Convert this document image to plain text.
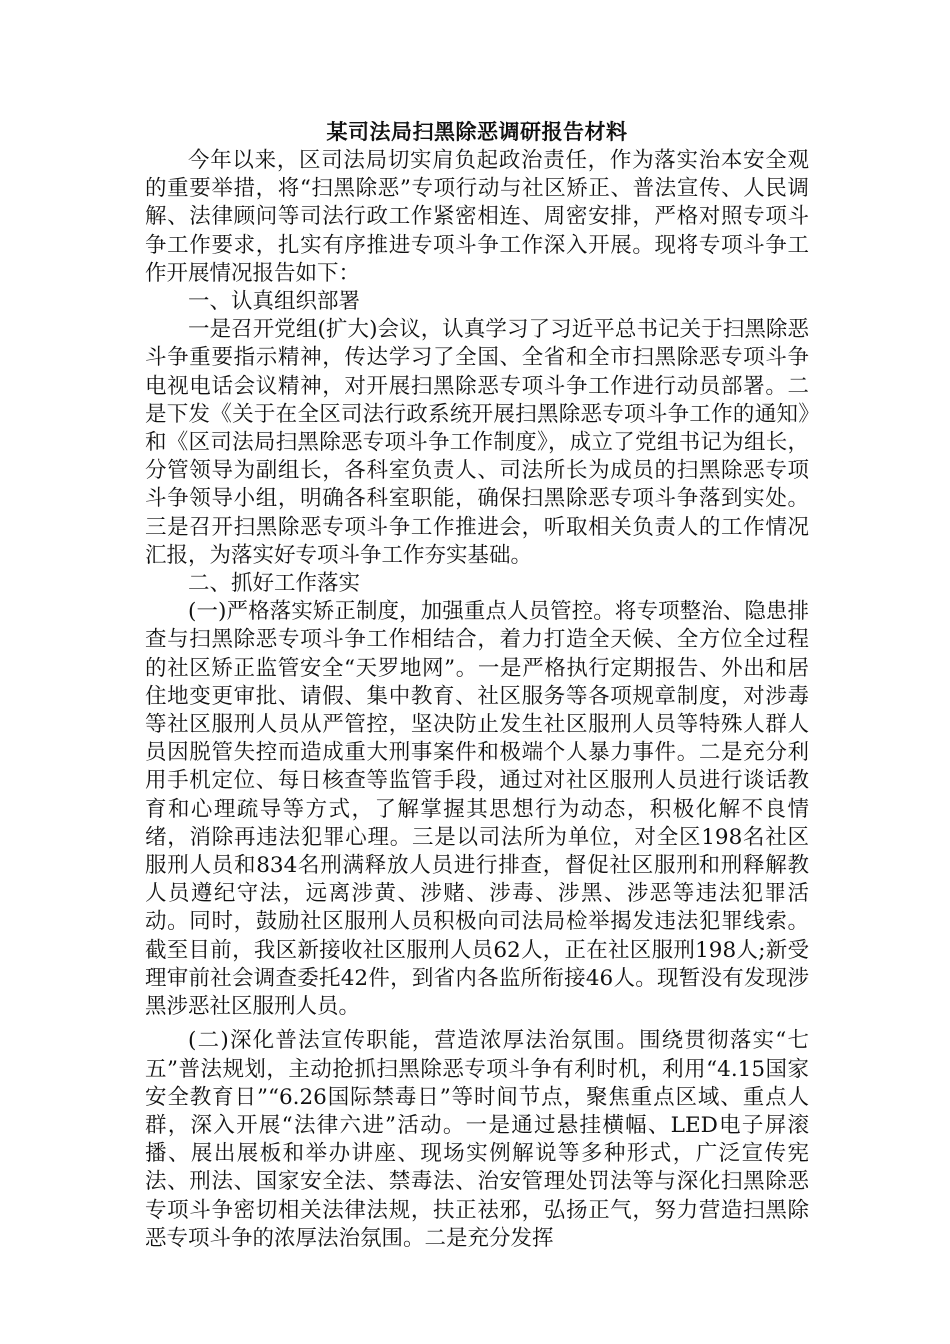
某司法局扫黑除恶调研报告材料

今年以来，区司法局切实肩负起政治责任，作为落实治本安全观的重要举措，将“扫黑除恶”专项行动与社区矫正、普法宣传、人民调解、法律顾问等司法行政工作紧密相连、周密安排，严格对照专项斗争工作要求，扎实有序推进专项斗争工作深入开展。现将专项斗争工作开展情况报告如下：

一、认真组织部署

一是召开党组(扩大)会议，认真学习了习近平总书记关于扫黑除恶斗争重要指示精神，传达学习了全国、全省和全市扫黑除恶专项斗争电视电话会议精神，对开展扫黑除恶专项斗争工作进行动员部署。二是下发《关于在全区司法行政系统开展扫黑除恶专项斗争工作的通知》和《区司法局扫黑除恶专项斗争工作制度》，成立了党组书记为组长，分管领导为副组长，各科室负责人、司法所长为成员的扫黑除恶专项斗争领导小组，明确各科室职能，确保扫黑除恶专项斗争落到实处。三是召开扫黑除恶专项斗争工作推进会，听取相关负责人的工作情况汇报，为落实好专项斗争工作夯实基础。

二、抓好工作落实

(一)严格落实矫正制度，加强重点人员管控。将专项整治、隐患排查与扫黑除恶专项斗争工作相结合，着力打造全天候、全方位全过程的社区矫正监管安全“天罗地网”。一是严格执行定期报告、外出和居住地变更审批、请假、集中教育、社区服务等各项规章制度，对涉毒等社区服刑人员从严管控，坚决防止发生社区服刑人员等特殊人群人员因脱管失控而造成重大刑事案件和极端个人暴力事件。二是充分利用手机定位、每日核查等监管手段，通过对社区服刑人员进行谈话教育和心理疏导等方式，了解掌握其思想行为动态，积极化解不良情绪，消除再违法犯罪心理。三是以司法所为单位，对全区198名社区服刑人员和834名刑满释放人员进行排查，督促社区服刑和刑释解教人员遵纪守法，远离涉黄、涉赌、涉毒、涉黑、涉恶等违法犯罪活动。同时，鼓励社区服刑人员积极向司法局检举揭发违法犯罪线索。截至目前，我区新接收社区服刑人员62人，正在社区服刑198人;新受理审前社会调查委托42件，到省内各监所衔接46人。现暂没有发现涉黑涉恶社区服刑人员。

(二)深化普法宣传职能，营造浓厚法治氛围。围绕贯彻落实“七五”普法规划，主动抢抓扫黑除恶专项斗争有利时机，利用“4.15国家安全教育日”“6.26国际禁毒日”等时间节点，聚焦重点区域、重点人群，深入开展“法律六进”活动。一是通过悬挂横幅、LED电子屏滚播、展出展板和举办讲座、现场实例解说等多种形式，广泛宣传宪法、刑法、国家安全法、禁毒法、治安管理处罚法等与深化扫黑除恶专项斗争密切相关法律法规，扶正祛邪，弘扬正气，努力营造扫黑除恶专项斗争的浓厚法治氛围。二是充分发挥
